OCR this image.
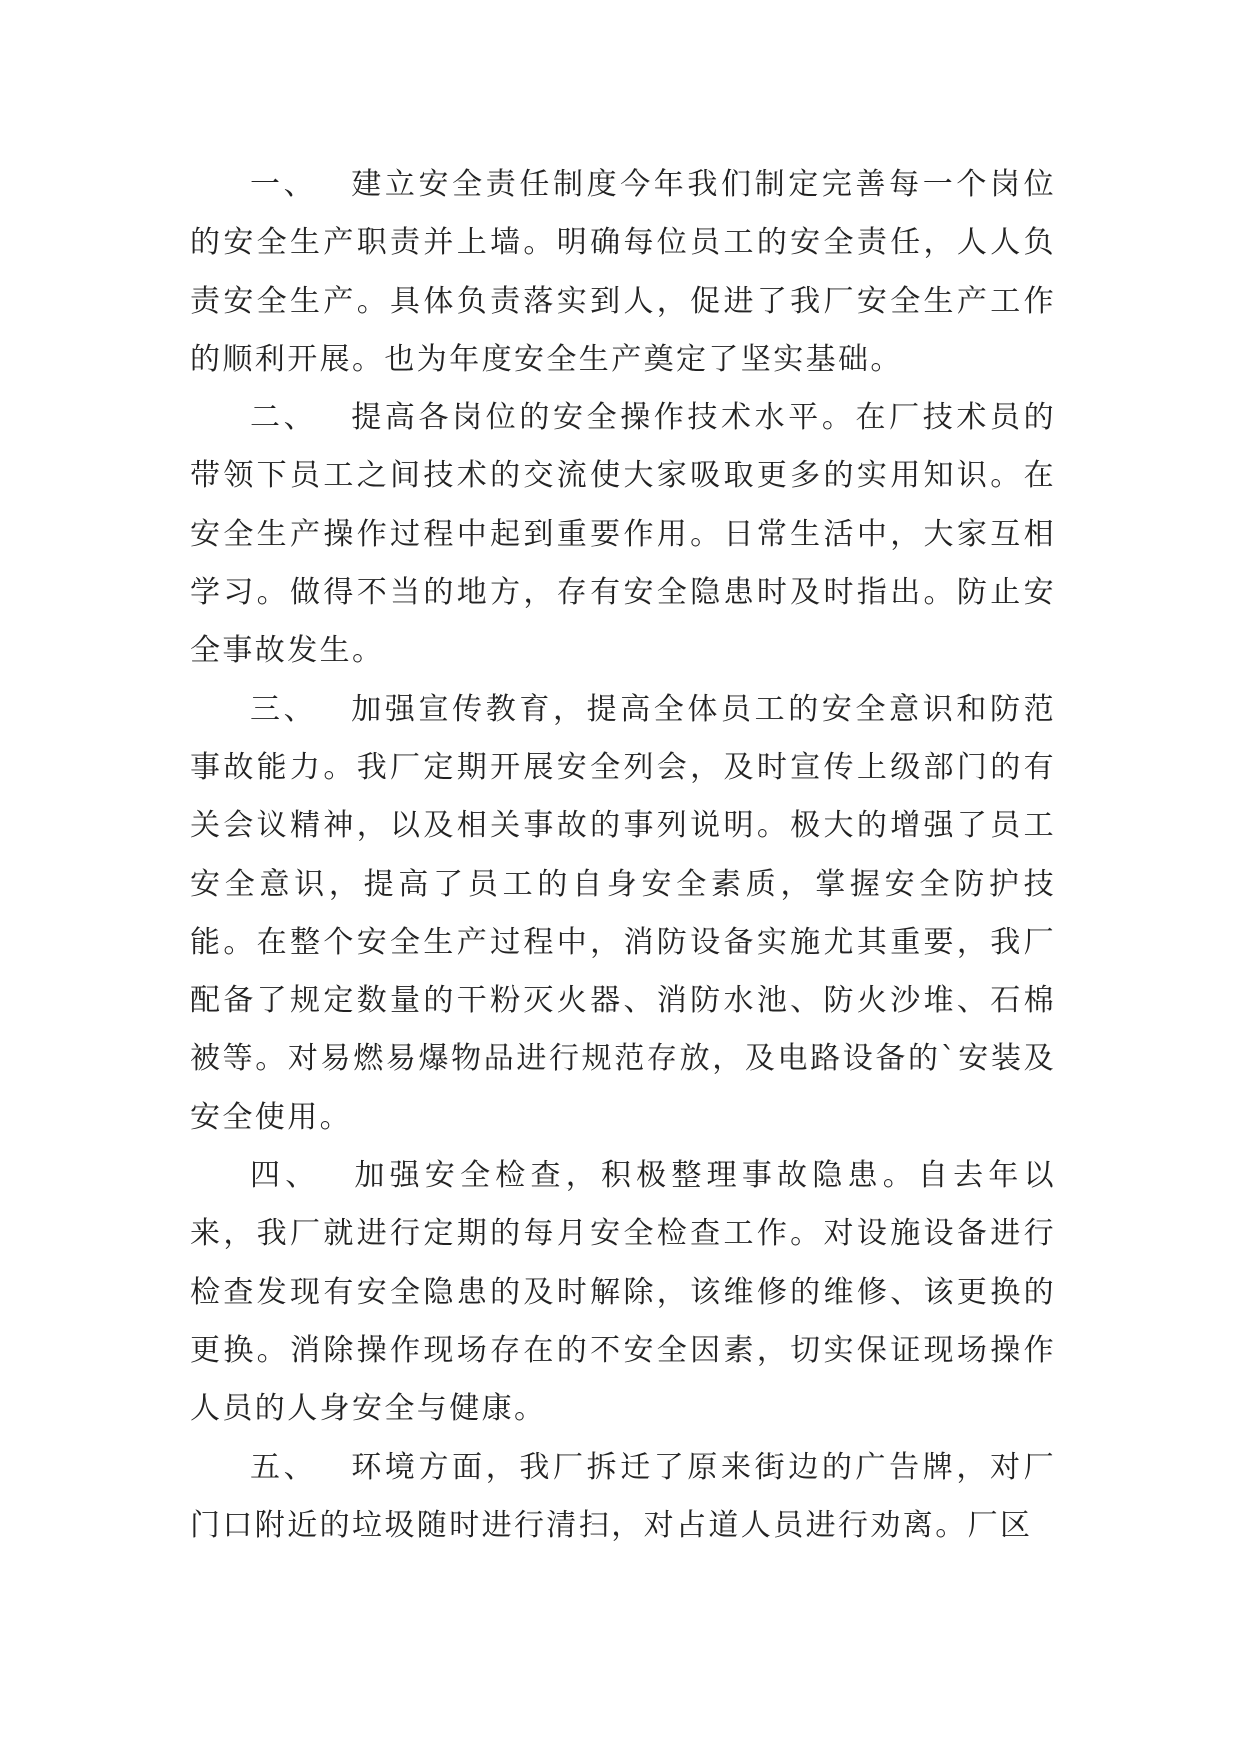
一、 建立安全责任制度今年我们制定完善每一个岗位的安全生产职责并上墙。明确每位员工的安全责任，人人负责安全生产。具体负责落实到人，促进了我厂安全生产工作的顺利开展。也为年度安全生产奠定了坚实基础。

二、 提高各岗位的安全操作技术水平。在厂技术员的带领下员工之间技术的交流使大家吸取更多的实用知识。在安全生产操作过程中起到重要作用。日常生活中，大家互相学习。做得不当的地方，存有安全隐患时及时指出。防止安全事故发生。

三、 加强宣传教育，提高全体员工的安全意识和防范事故能力。我厂定期开展安全列会，及时宣传上级部门的有关会议精神，以及相关事故的事列说明。极大的增强了员工安全意识，提高了员工的自身安全素质，掌握安全防护技能。在整个安全生产过程中，消防设备实施尤其重要，我厂配备了规定数量的干粉灭火器、消防水池、防火沙堆、石棉被等。对易燃易爆物品进行规范存放，及电路设备的`安装及安全使用。

四、 加强安全检查，积极整理事故隐患。自去年以来，我厂就进行定期的每月安全检查工作。对设施设备进行检查发现有安全隐患的及时解除，该维修的维修、该更换的更换。消除操作现场存在的不安全因素，切实保证现场操作人员的人身安全与健康。

五、 环境方面，我厂拆迁了原来街边的广告牌，对厂门口附近的垃圾随时进行清扫，对占道人员进行劝离。厂区
